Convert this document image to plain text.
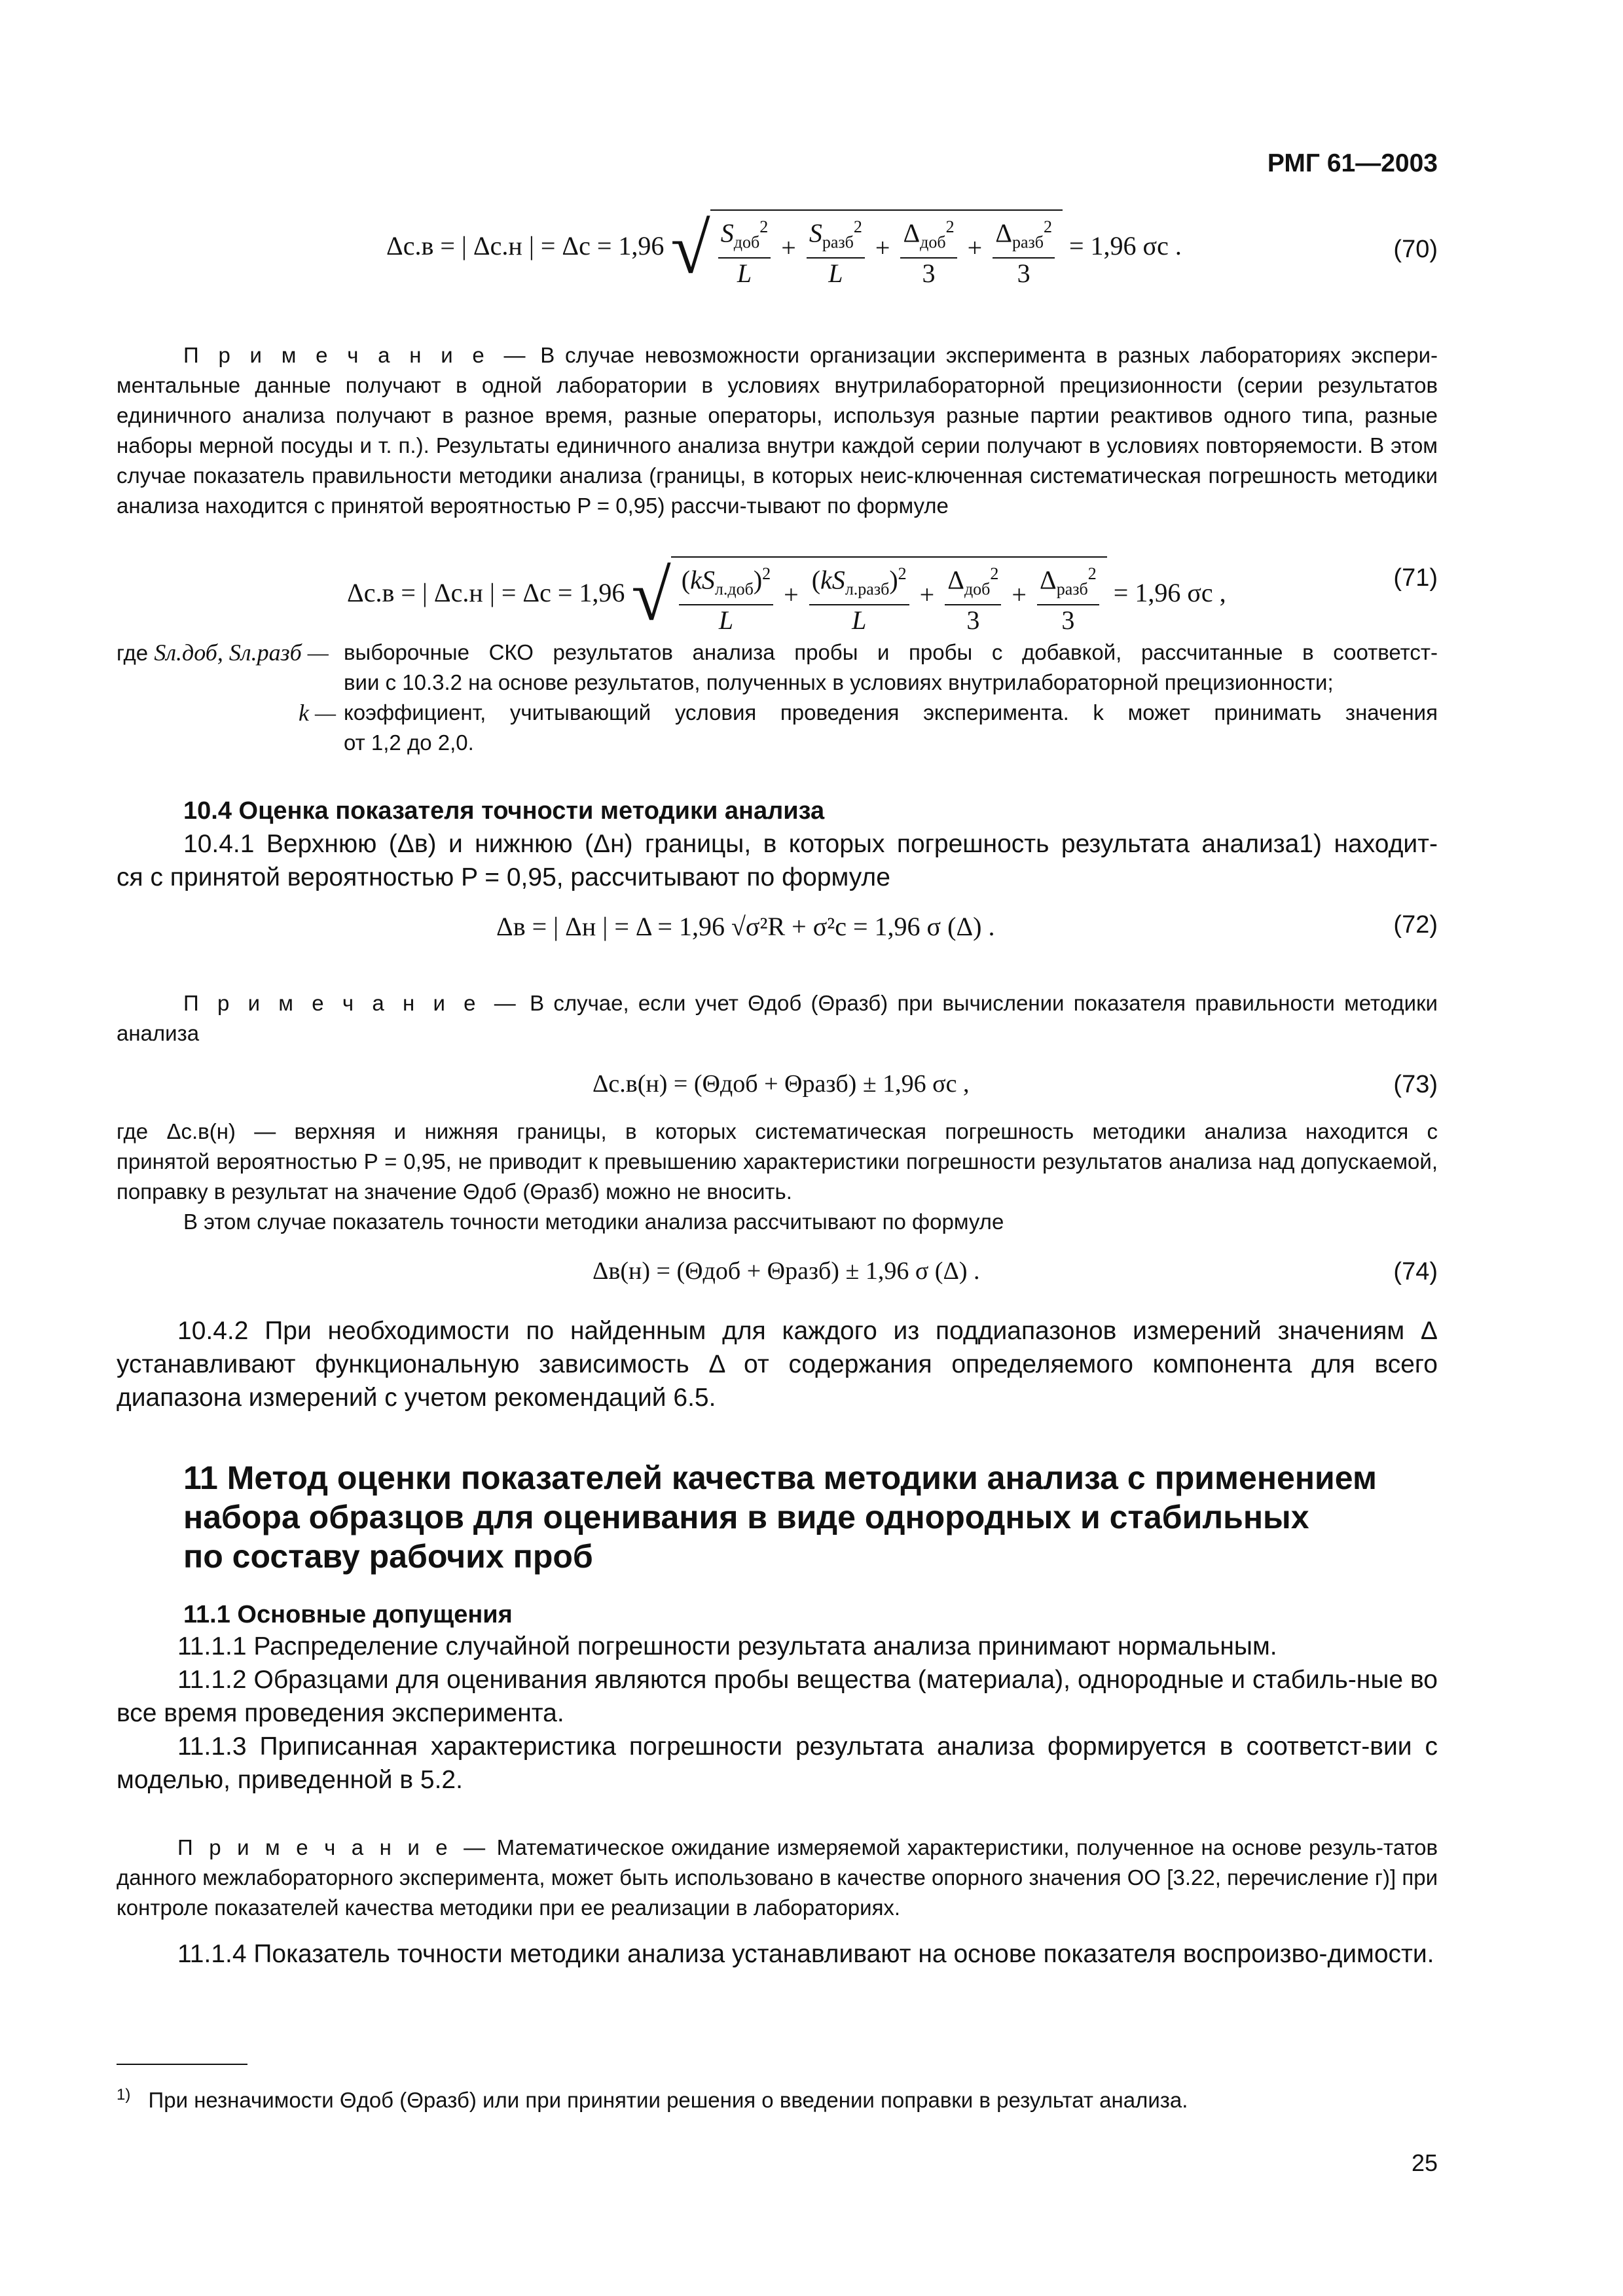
РМГ 61—2003
Δс.в = | Δс.н | = Δс = 1,96 √ $\frac{S_{доб}^2}{L} + \frac{S_{разб}^2}{L} + \frac{\Delta_{доб}^2}{3} + \frac{\Delta_{разб}^2}{3} = 1,96$ σс .	(70)
П р и м е ч а н и е — В случае невозможности организации эксперимента в разных лабораториях экспери-
ментальные данные получают в одной лаборатории в условиях внутрилабораторной прецизионности (серии результатов единичного анализа получают в разное время, разные операторы, используя разные партии реактивов одного типа, разные наборы мерной посуды и т. п.). Результаты единичного анализа внутри каждой серии получают в условиях повторяемости. В этом случае показатель правильности методики анализа (границы, в которых неис-ключенная систематическая погрешность методики анализа находится с принятой вероятностью P = 0,95) рассчи-тывают по формуле
Δс.в = | Δс.н | = Δс = 1,96 √ $\frac{(kS_{л.доб})^2}{L} + \frac{(kS_{л.разб})^2}{L} + \frac{\Delta_{доб}^2}{3} + \frac{\Delta_{разб}^2}{3} = 1,96$ σс ,	(71)
где Sл.доб, Sл.разб — выборочные СКО результатов анализа пробы и пробы с добавкой, рассчитанные в соответст-
вии с 10.3.2 на основе результатов, полученных в условиях внутрилабораторной прецизионности;
k — коэффициент, учитывающий условия проведения эксперимента. k может принимать значения
от 1,2 до 2,0.
10.4 Оценка показателя точности методики анализа
10.4.1 Верхнюю (Δв) и нижнюю (Δн) границы, в которых погрешность результата анализа1) находит-
ся с принятой вероятностью P = 0,95, рассчитывают по формуле
Δв = | Δн | = Δ = 1,96 √σ²R + σ²с = 1,96 σ (Δ) .	(72)
П р и м е ч а н и е — В случае, если учет Θдоб (Θразб) при вычислении показателя правильности методики
анализа
Δс.в(н) = (Θдоб + Θразб) ± 1,96 σс ,	(73)
где Δс.в(н) — верхняя и нижняя границы, в которых систематическая погрешность методики анализа находится с
принятой вероятностью P = 0,95, не приводит к превышению характеристики погрешности результатов анализа над допускаемой, поправку в результат на значение Θдоб (Θразб) можно не вносить.
В этом случае показатель точности методики анализа рассчитывают по формуле
Δв(н) = (Θдоб + Θразб) ± 1,96 σ (Δ) .	(74)
10.4.2 При необходимости по найденным для каждого из поддиапазонов измерений значениям Δ устанавливают функциональную зависимость Δ от содержания определяемого компонента для всего диапазона измерений с учетом рекомендаций 6.5.
11 Метод оценки показателей качества методики анализа с применением
набора образцов для оценивания в виде однородных и стабильных
по составу рабочих проб
11.1 Основные допущения
11.1.1 Распределение случайной погрешности результата анализа принимают нормальным.
11.1.2 Образцами для оценивания являются пробы вещества (материала), однородные и стабиль-ные во все время проведения эксперимента.
11.1.3 Приписанная характеристика погрешности результата анализа формируется в соответст-вии с моделью, приведенной в 5.2.
П р и м е ч а н и е — Математическое ожидание измеряемой характеристики, полученное на основе резуль-татов данного межлабораторного эксперимента, может быть использовано в качестве опорного значения ОО [3.22, перечисление г)] при контроле показателей качества методики при ее реализации в лабораториях.
11.1.4 Показатель точности методики анализа устанавливают на основе показателя воспроизво-димости.
$^{1)}$ При незначимости Θдоб (Θразб) или при принятии решения о введении поправки в результат анализа.
25
